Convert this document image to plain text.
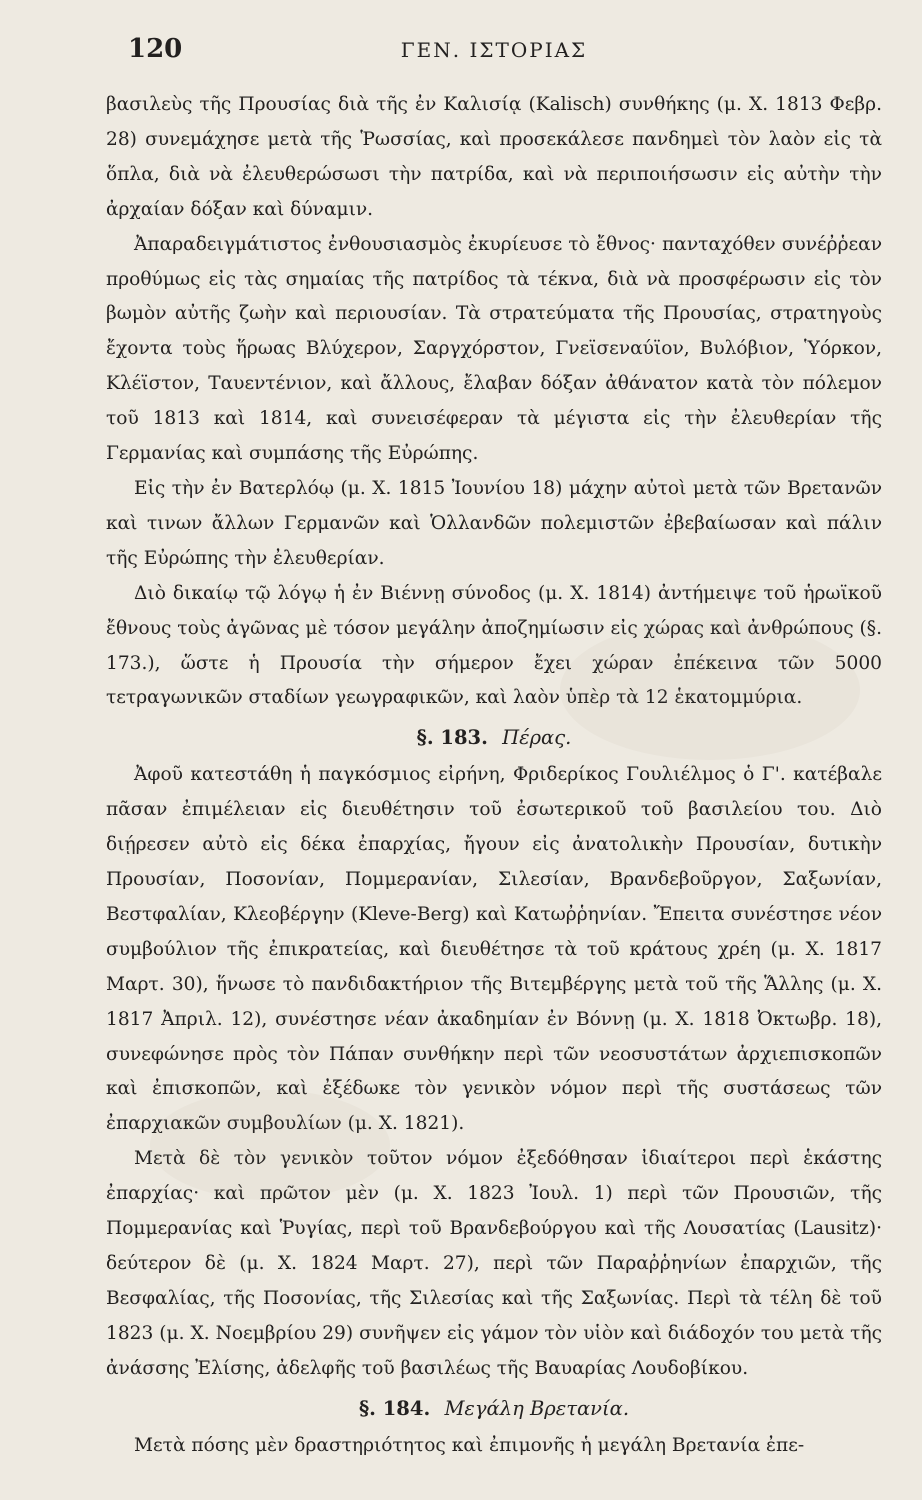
120	ΓΕΝ. ΙΣΤΟΡΙΑΣ

βασιλεὺς τῆς Προυσίας διὰ τῆς ἐν Καλισίᾳ (Kalisch) συνθήκης (μ. Χ. 1813 Φεβρ. 28) συνεμάχησε μετὰ τῆς Ῥωσσίας, καὶ προσεκάλεσε πανδημεὶ τὸν λαὸν εἰς τὰ ὅπλα, διὰ νὰ ἐλευθερώσωσι τὴν πατρίδα, καὶ νὰ περιποιήσωσιν εἰς αὐτὴν τὴν ἀρχαίαν δόξαν καὶ δύναμιν.

Ἀπαραδειγμάτιστος ἐνθουσιασμὸς ἐκυρίευσε τὸ ἔθνος· πανταχόθεν συνέῤῥεαν προθύμως εἰς τὰς σημαίας τῆς πατρίδος τὰ τέκνα, διὰ νὰ προσφέρωσιν εἰς τὸν βωμὸν αὐτῆς ζωὴν καὶ περιουσίαν. Τὰ στρατεύματα τῆς Προυσίας, στρατηγοὺς ἔχοντα τοὺς ἥρωας Βλύχερον, Σαργχόρστον, Γνεϊσεναύϊον, Βυλόβιον, Ὑόρκον, Κλέϊστον, Ταυεντένιον, καὶ ἄλλους, ἔλαβαν δόξαν ἀθάνατον κατὰ τὸν πόλεμον τοῦ 1813 καὶ 1814, καὶ συνεισέφεραν τὰ μέγιστα εἰς τὴν ἐλευθερίαν τῆς Γερμανίας καὶ συμπάσης τῆς Εὐρώπης.

Εἰς τὴν ἐν Βατερλόῳ (μ. Χ. 1815 Ἰουνίου 18) μάχην αὐτοὶ μετὰ τῶν Βρετανῶν καὶ τινων ἄλλων Γερμανῶν καὶ Ὁλλανδῶν πολεμιστῶν ἐβεβαίωσαν καὶ πάλιν τῆς Εὐρώπης τὴν ἐλευθερίαν.

Διὸ δικαίῳ τῷ λόγῳ ἡ ἐν Βιέννῃ σύνοδος (μ. Χ. 1814) ἀντήμειψε τοῦ ἡρωϊκοῦ ἔθνους τοὺς ἀγῶνας μὲ τόσον μεγάλην ἀποζημίωσιν εἰς χώρας καὶ ἀνθρώπους (§. 173.), ὥστε ἡ Προυσία τὴν σήμερον ἔχει χώραν ἐπέκεινα τῶν 5000 τετραγωνικῶν σταδίων γεωγραφικῶν, καὶ λαὸν ὑπὲρ τὰ 12 ἑκατομμύρια.

§. 183. Πέρας.

Ἀφοῦ κατεστάθη ἡ παγκόσμιος εἰρήνη, Φριδερίκος Γουλιέλμος ὁ Γ'. κατέβαλε πᾶσαν ἐπιμέλειαν εἰς διευθέτησιν τοῦ ἐσωτερικοῦ τοῦ βασιλείου του. Διὸ διῄρεσεν αὐτὸ εἰς δέκα ἐπαρχίας, ἤγουν εἰς ἀνατολικὴν Προυσίαν, δυτικὴν Προυσίαν, Ποσονίαν, Πομμερανίαν, Σιλεσίαν, Βρανδεβοῦργον, Σαξωνίαν, Βεστφαλίαν, Κλεοβέργην (Kleve-Berg) καὶ Κατωῤῥηνίαν. Ἔπειτα συνέστησε νέον συμβούλιον τῆς ἐπικρατείας, καὶ διευθέτησε τὰ τοῦ κράτους χρέη (μ. Χ. 1817 Μαρτ. 30), ἥνωσε τὸ πανδιδακτήριον τῆς Βιτεμβέργης μετὰ τοῦ τῆς Ἅλλης (μ. Χ. 1817 Ἀπριλ. 12), συνέστησε νέαν ἀκαδημίαν ἐν Βόννῃ (μ. Χ. 1818 Ὀκτωβρ. 18), συνεφώνησε πρὸς τὸν Πάπαν συνθήκην περὶ τῶν νεοσυστάτων ἀρχιεπισκοπῶν καὶ ἐπισκοπῶν, καὶ ἐξέδωκε τὸν γενικὸν νόμον περὶ τῆς συστάσεως τῶν ἐπαρχιακῶν συμβουλίων (μ. Χ. 1821).

Μετὰ δὲ τὸν γενικὸν τοῦτον νόμον ἐξεδόθησαν ἰδιαίτεροι περὶ ἑκάστης ἐπαρχίας· καὶ πρῶτον μὲν (μ. Χ. 1823 Ἰουλ. 1) περὶ τῶν Προυσιῶν, τῆς Πομμερανίας καὶ Ῥυγίας, περὶ τοῦ Βρανδεβούργου καὶ τῆς Λουσατίας (Lausitz)· δεύτερον δὲ (μ. Χ. 1824 Μαρτ. 27), περὶ τῶν Παραῤῥηνίων ἐπαρχιῶν, τῆς Βεσφαλίας, τῆς Ποσονίας, τῆς Σιλεσίας καὶ τῆς Σαξωνίας. Περὶ τὰ τέλη δὲ τοῦ 1823 (μ. Χ. Νοεμβρίου 29) συνῆψεν εἰς γάμον τὸν υἱὸν καὶ διάδοχόν του μετὰ τῆς ἀνάσσης Ἐλίσης, ἀδελφῆς τοῦ βασιλέως τῆς Βαυαρίας Λουδοβίκου.

§. 184. Μεγάλη Βρετανία.

Μετὰ πόσης μὲν δραστηριότητος καὶ ἐπιμονῆς ἡ μεγάλη Βρετανία ἐπε-
